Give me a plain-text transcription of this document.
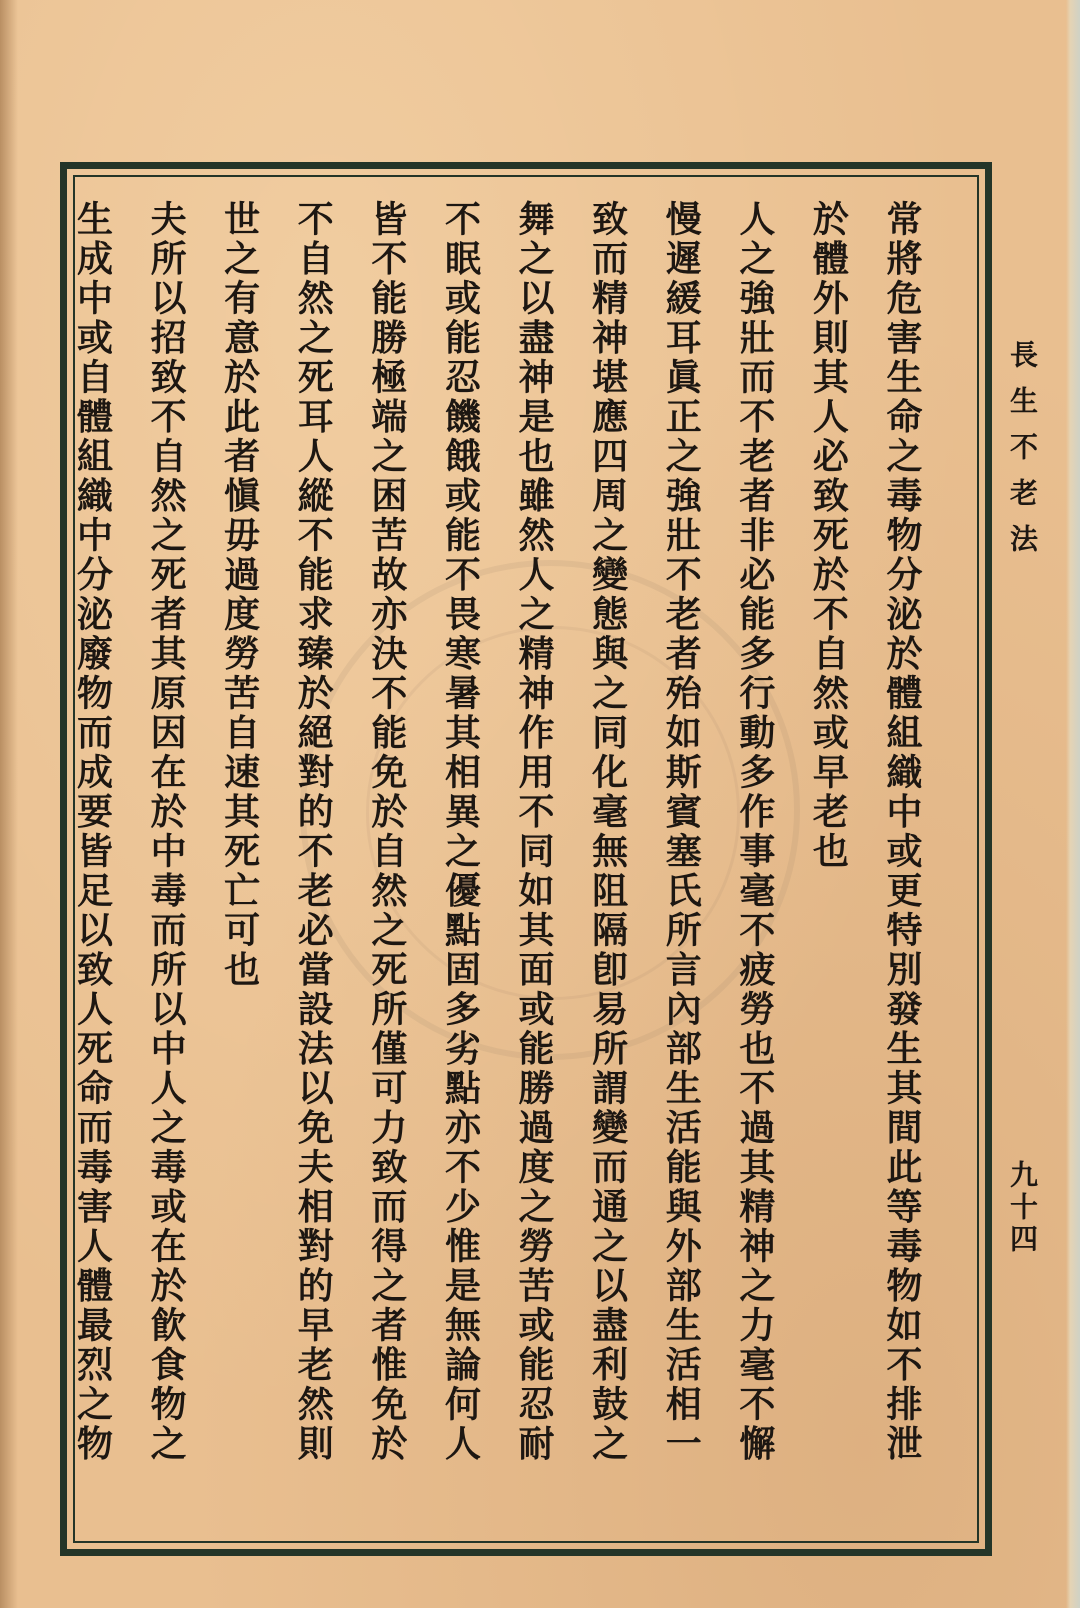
長生不老法
九十四
常將危害生命之毒物分泌於體組織中或更特別發生其間此等毒物如不排泄
於體外則其人必致死於不自然或早老也
人之強壯而不老者非必能多行動多作事毫不疲勞也不過其精神之力毫不懈
慢遲緩耳眞正之強壯不老者殆如斯賓塞氏所言內部生活能與外部生活相一
致而精神堪應四周之變態與之同化毫無阻隔卽易所謂變而通之以盡利鼓之
舞之以盡神是也雖然人之精神作用不同如其面或能勝過度之勞苦或能忍耐
不眠或能忍饑餓或能不畏寒暑其相異之優點固多劣點亦不少惟是無論何人
皆不能勝極端之困苦故亦決不能免於自然之死所僅可力致而得之者惟免於
不自然之死耳人縱不能求臻於絕對的不老必當設法以免夫相對的早老然則
世之有意於此者愼毋過度勞苦自速其死亡可也
夫所以招致不自然之死者其原因在於中毒而所以中人之毒或在於飮食物之
生成中或自體組織中分泌廢物而成要皆足以致人死命而毒害人體最烈之物
